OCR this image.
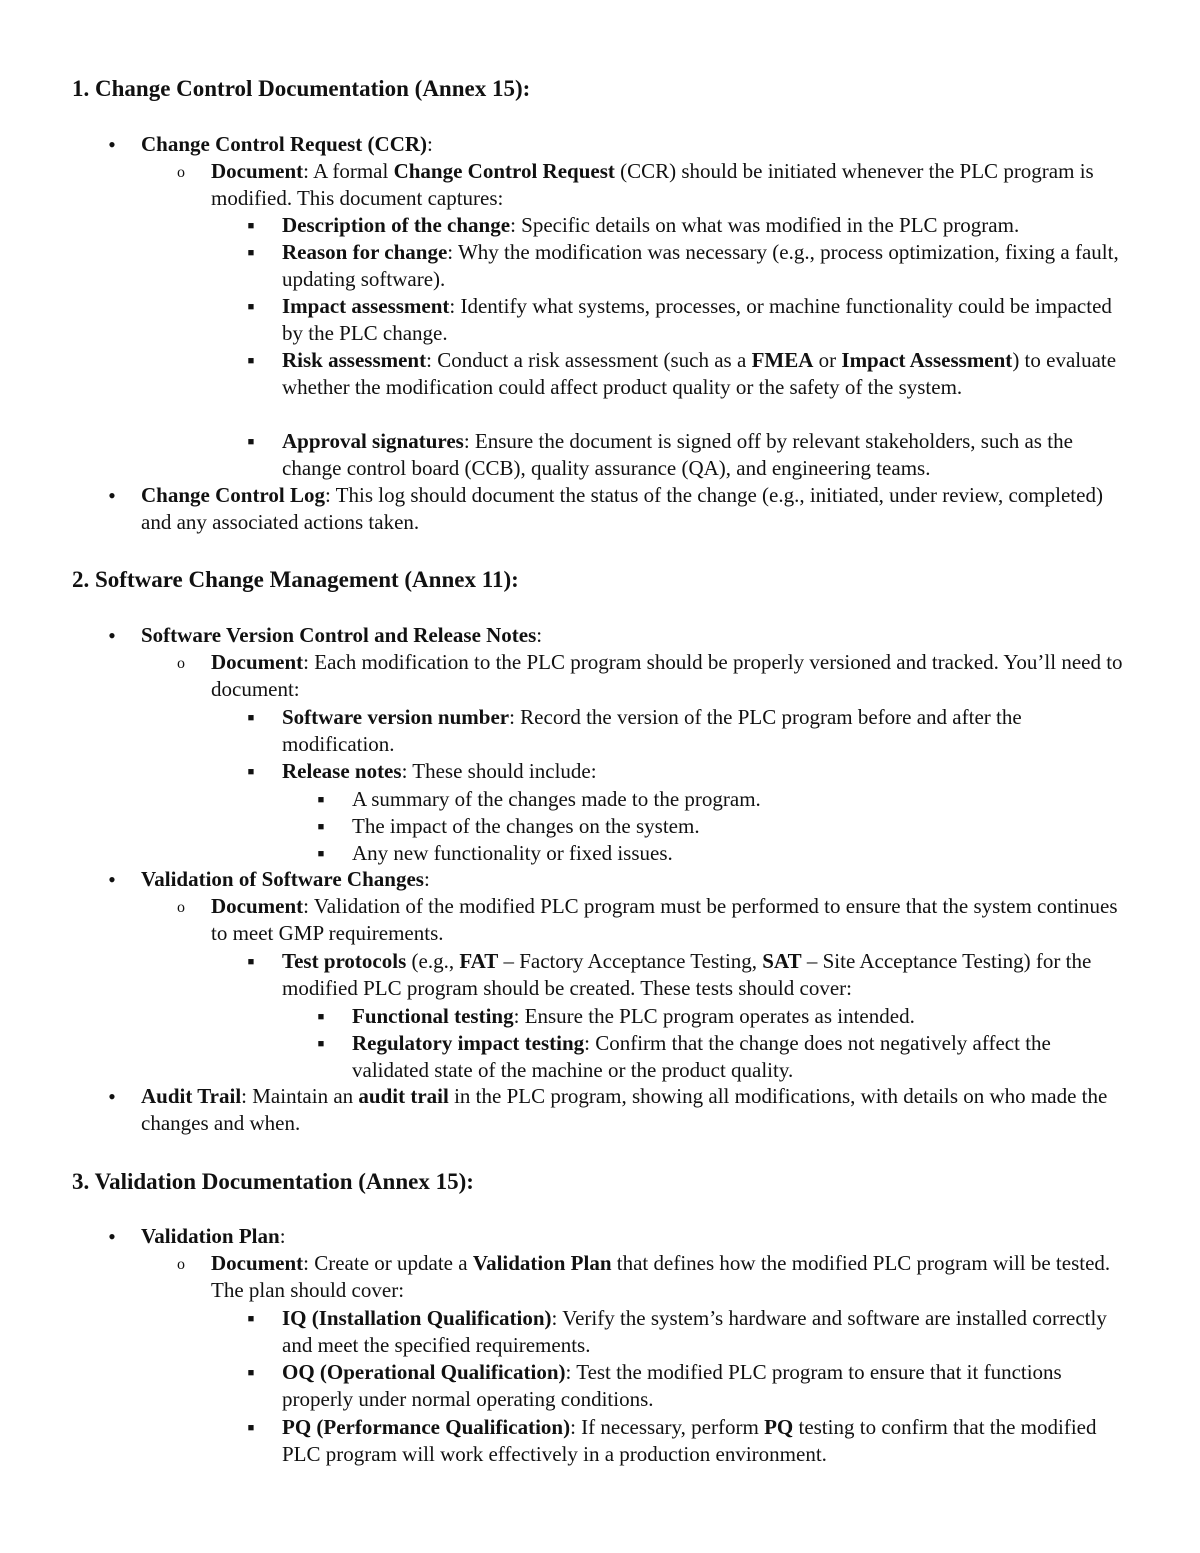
1. Change Control Documentation (Annex 15):
•	Change Control Request (CCR):
o	Document: A formal Change Control Request (CCR) should be initiated whenever the PLC program is modified. This document captures:
■	Description of the change: Specific details on what was modified in the PLC program.
■	Reason for change: Why the modification was necessary (e.g., process optimization, fixing a fault, updating software).
■	Impact assessment: Identify what systems, processes, or machine functionality could be impacted by the PLC change.
■	Risk assessment: Conduct a risk assessment (such as a FMEA or Impact Assessment) to evaluate whether the modification could affect product quality or the safety of the system.
■	Approval signatures: Ensure the document is signed off by relevant stakeholders, such as the change control board (CCB), quality assurance (QA), and engineering teams.
•	Change Control Log: This log should document the status of the change (e.g., initiated, under review, completed) and any associated actions taken.
2. Software Change Management (Annex 11):
•	Software Version Control and Release Notes:
o	Document: Each modification to the PLC program should be properly versioned and tracked. You’ll need to document:
■	Software version number: Record the version of the PLC program before and after the modification.
■	Release notes: These should include:
■	A summary of the changes made to the program.
■	The impact of the changes on the system.
■	Any new functionality or fixed issues.
•	Validation of Software Changes:
o	Document: Validation of the modified PLC program must be performed to ensure that the system continues to meet GMP requirements.
■	Test protocols (e.g., FAT – Factory Acceptance Testing, SAT – Site Acceptance Testing) for the modified PLC program should be created. These tests should cover:
■	Functional testing: Ensure the PLC program operates as intended.
■	Regulatory impact testing: Confirm that the change does not negatively affect the validated state of the machine or the product quality.
•	Audit Trail: Maintain an audit trail in the PLC program, showing all modifications, with details on who made the changes and when.
3. Validation Documentation (Annex 15):
•	Validation Plan:
o	Document: Create or update a Validation Plan that defines how the modified PLC program will be tested. The plan should cover:
■	IQ (Installation Qualification): Verify the system’s hardware and software are installed correctly and meet the specified requirements.
■	OQ (Operational Qualification): Test the modified PLC program to ensure that it functions properly under normal operating conditions.
■	PQ (Performance Qualification): If necessary, perform PQ testing to confirm that the modified PLC program will work effectively in a production environment.
